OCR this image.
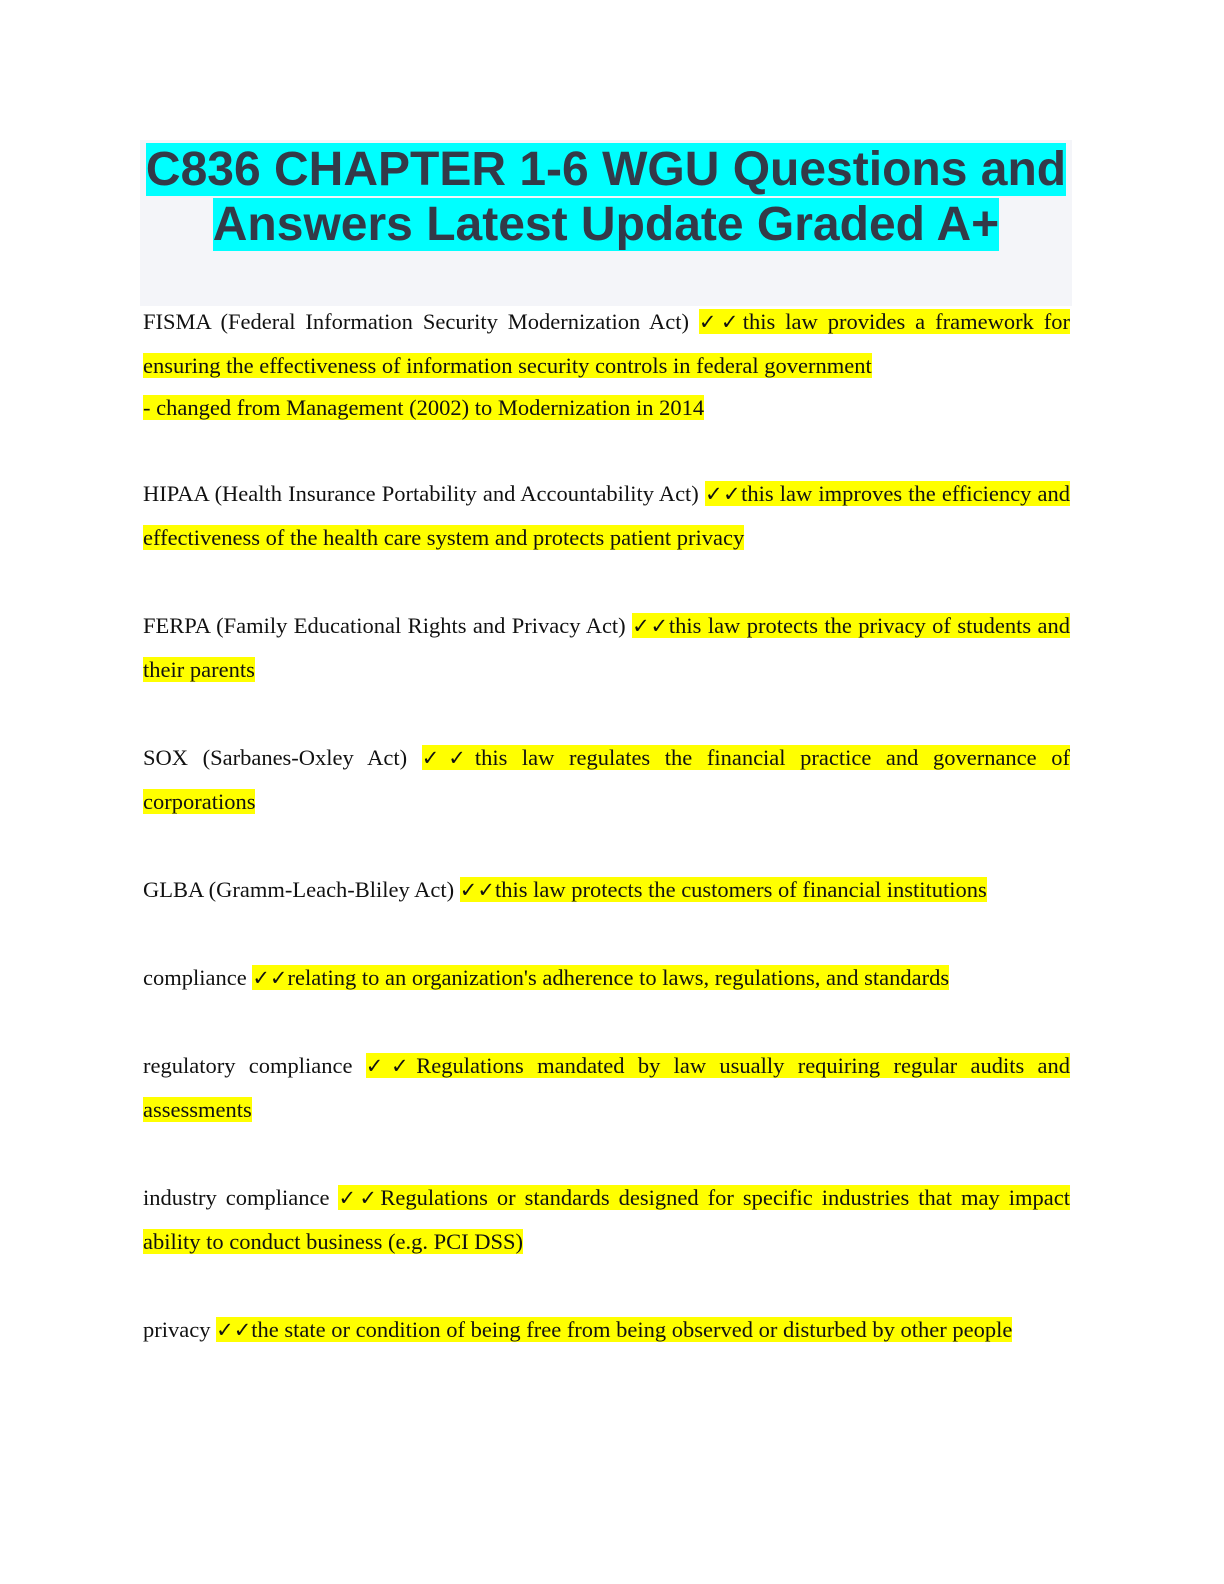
C836 CHAPTER 1-6 WGU Questions and
Answers Latest Update Graded A+
FISMA (Federal Information Security Modernization Act) ✓✓this law provides a framework for ensuring the effectiveness of information security controls in federal government
- changed from Management (2002) to Modernization in 2014
HIPAA (Health Insurance Portability and Accountability Act) ✓✓this law improves the efficiency and effectiveness of the health care system and protects patient privacy
FERPA (Family Educational Rights and Privacy Act) ✓✓this law protects the privacy of students and their parents
SOX (Sarbanes-Oxley Act) ✓✓this law regulates the financial practice and governance of corporations
GLBA (Gramm-Leach-Bliley Act) ✓✓this law protects the customers of financial institutions
compliance ✓✓relating to an organization's adherence to laws, regulations, and standards
regulatory compliance ✓✓Regulations mandated by law usually requiring regular audits and assessments
industry compliance ✓✓Regulations or standards designed for specific industries that may impact ability to conduct business (e.g. PCI DSS)
privacy ✓✓the state or condition of being free from being observed or disturbed by other people
